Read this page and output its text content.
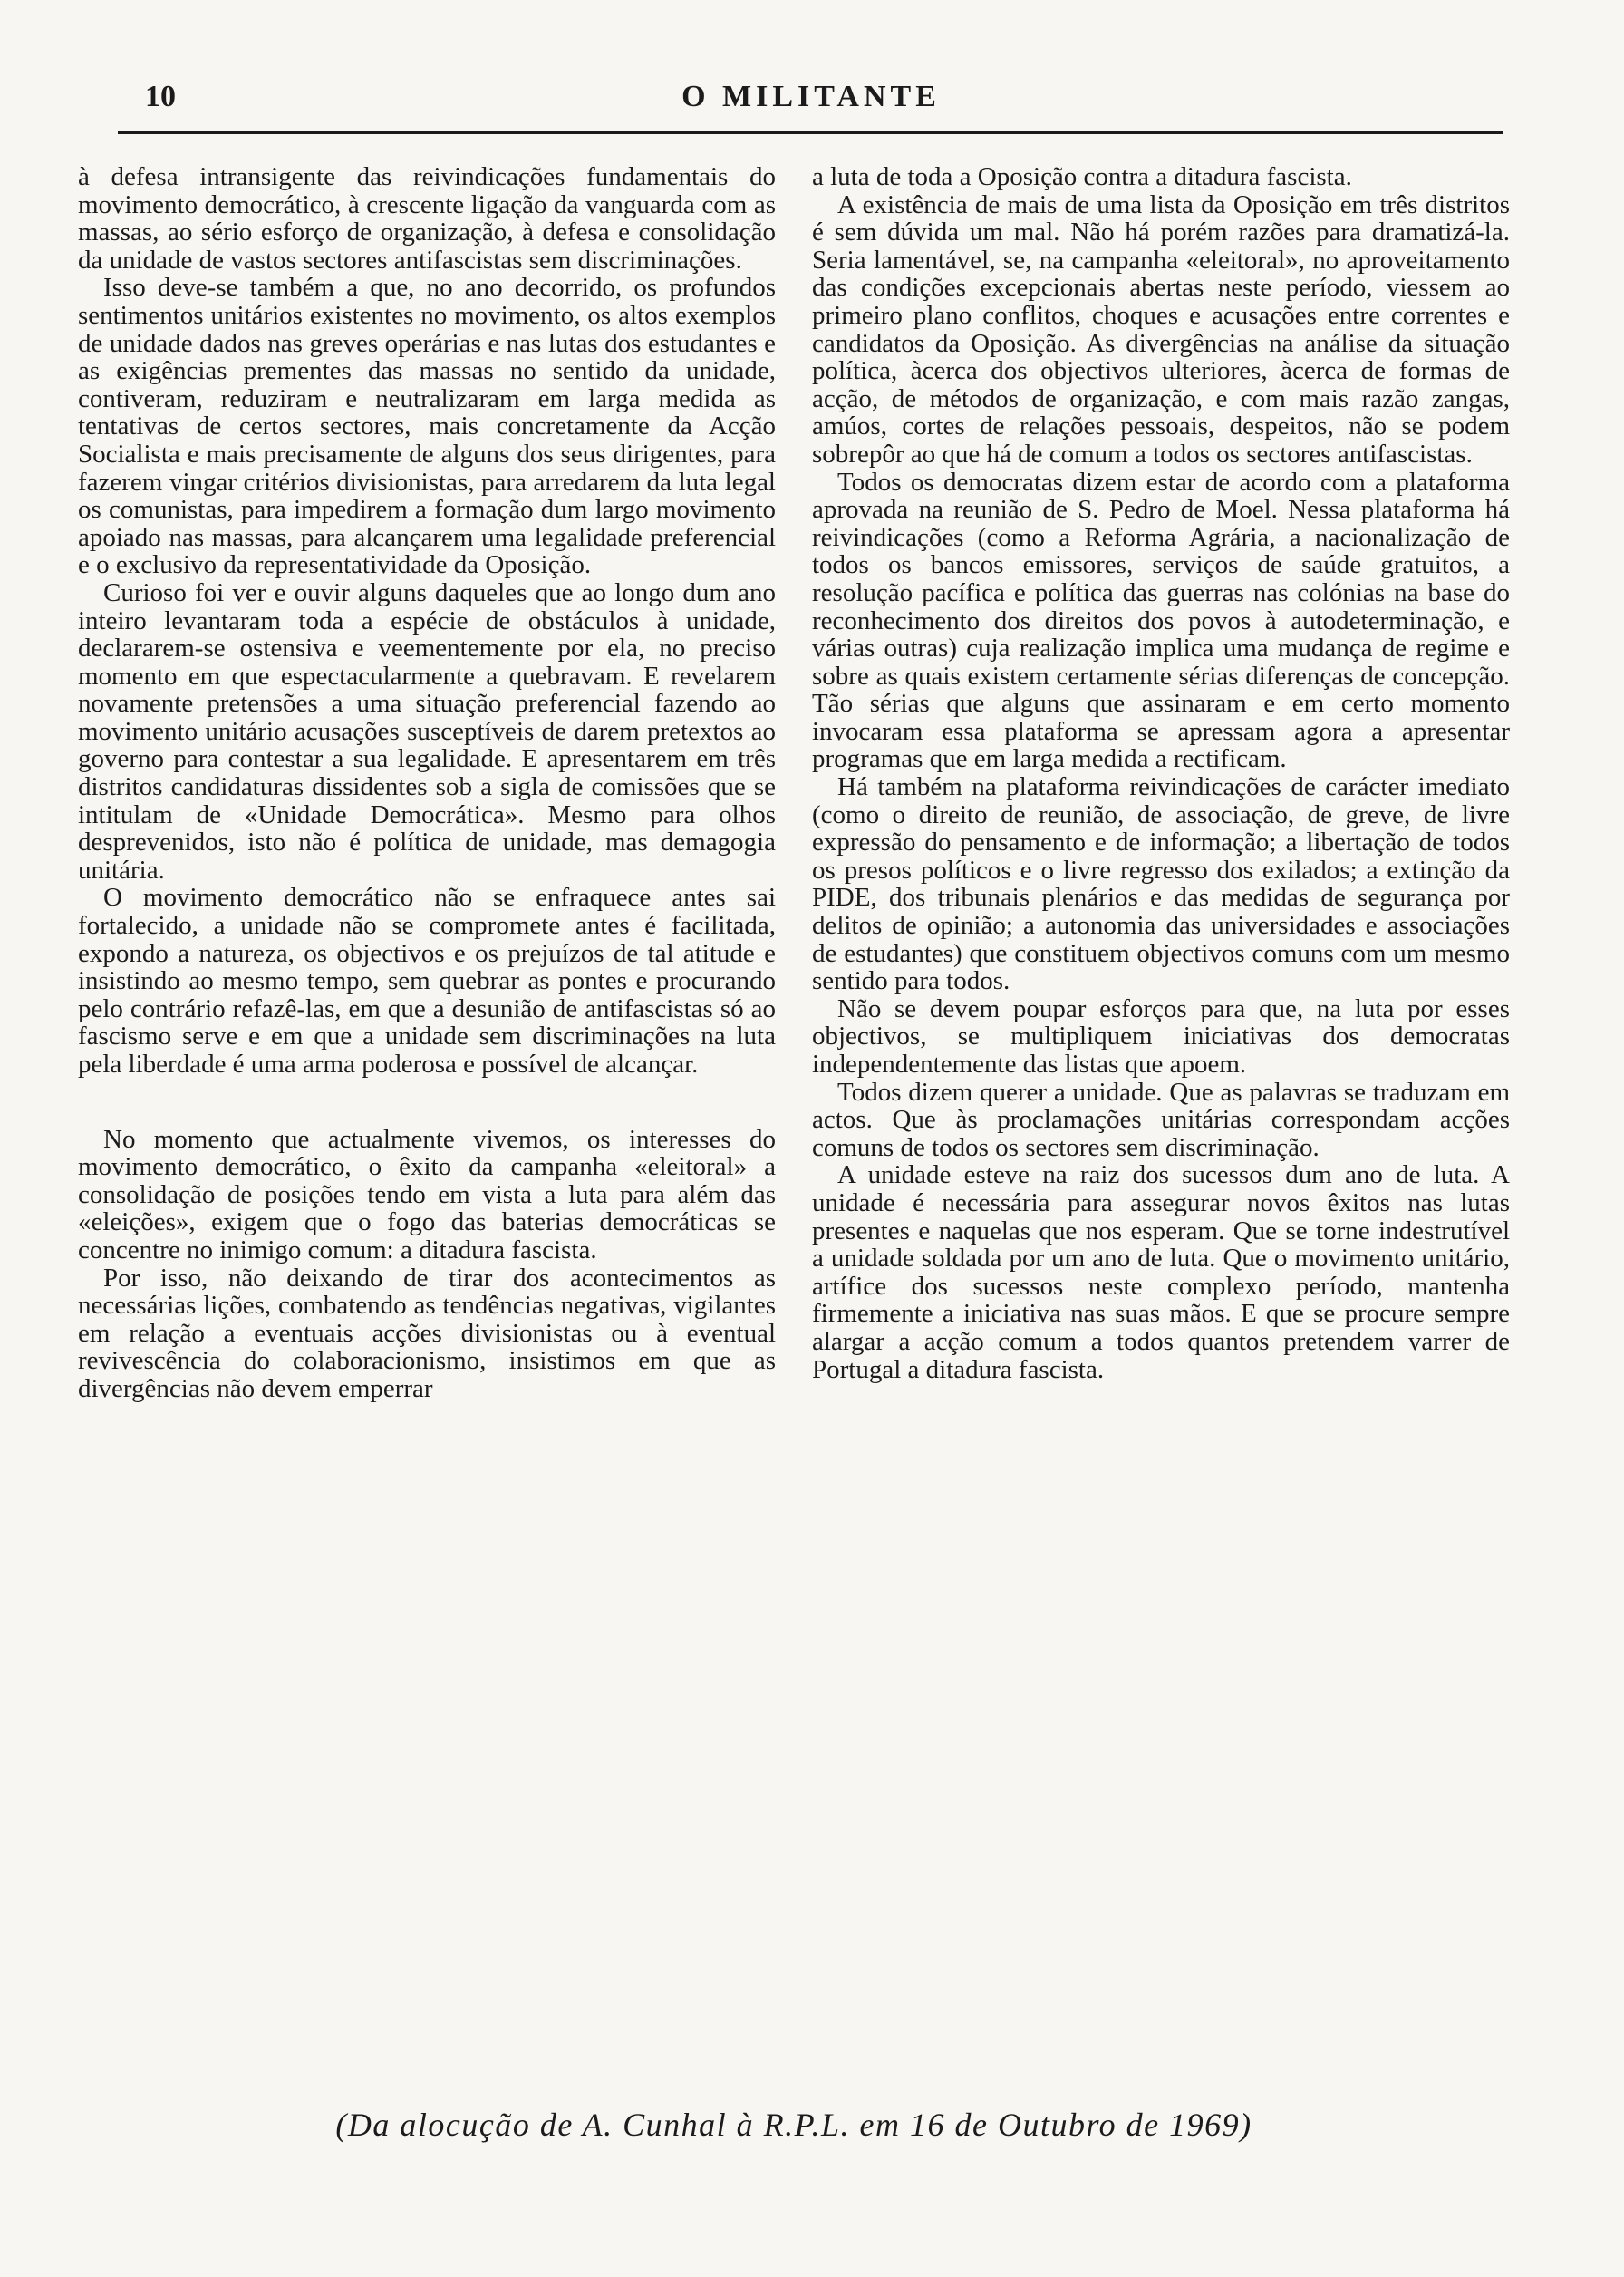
10	O MILITANTE

à defesa intransigente das reivindicações fundamentais do movimento democrático, à crescente ligação da vanguarda com as massas, ao sério esforço de organização, à defesa e consolidação da unidade de vastos sectores antifascistas sem discriminações.

Isso deve-se também a que, no ano decorrido, os profundos sentimentos unitários existentes no movimento, os altos exemplos de unidade dados nas greves operárias e nas lutas dos estudantes e as exigências prementes das massas no sentido da unidade, contiveram, reduziram e neutralizaram em larga medida as tentativas de certos sectores, mais concretamente da Acção Socialista e mais precisamente de alguns dos seus dirigentes, para fazerem vingar critérios divisionistas, para arredarem da luta legal os comunistas, para impedirem a formação dum largo movimento apoiado nas massas, para alcançarem uma legalidade preferencial e o exclusivo da representatividade da Oposição.

Curioso foi ver e ouvir alguns daqueles que ao longo dum ano inteiro levantaram toda a espécie de obstáculos à unidade, declararem-se ostensiva e veementemente por ela, no preciso momento em que espectacularmente a quebravam. E revelarem novamente pretensões a uma situação preferencial fazendo ao movimento unitário acusações susceptíveis de darem pretextos ao governo para contestar a sua legalidade. E apresentarem em três distritos candidaturas dissidentes sob a sigla de comissões que se intitulam de «Unidade Democrática». Mesmo para olhos desprevenidos, isto não é política de unidade, mas demagogia unitária.

O movimento democrático não se enfraquece antes sai fortalecido, a unidade não se compromete antes é facilitada, expondo a natureza, os objectivos e os prejuízos de tal atitude e insistindo ao mesmo tempo, sem quebrar as pontes e procurando pelo contrário refazê-las, em que a desunião de antifascistas só ao fascismo serve e em que a unidade sem discriminações na luta pela liberdade é uma arma poderosa e possível de alcançar.

No momento que actualmente vivemos, os interesses do movimento democrático, o êxito da campanha «eleitoral» a consolidação de posições tendo em vista a luta para além das «eleições», exigem que o fogo das baterias democráticas se concentre no inimigo comum: a ditadura fascista.

Por isso, não deixando de tirar dos acontecimentos as necessárias lições, combatendo as tendências negativas, vigilantes em relação a eventuais acções divisionistas ou à eventual revivescência do colaboracionismo, insistimos em que as divergências não devem emperrar

a luta de toda a Oposição contra a ditadura fascista.

A existência de mais de uma lista da Oposição em três distritos é sem dúvida um mal. Não há porém razões para dramatizá-la. Seria lamentável, se, na campanha «eleitoral», no aproveitamento das condições excepcionais abertas neste período, viessem ao primeiro plano conflitos, choques e acusações entre correntes e candidatos da Oposição. As divergências na análise da situação política, àcerca dos objectivos ulteriores, àcerca de formas de acção, de métodos de organização, e com mais razão zangas, amúos, cortes de relações pessoais, despeitos, não se podem sobrepôr ao que há de comum a todos os sectores antifascistas.

Todos os democratas dizem estar de acordo com a plataforma aprovada na reunião de S. Pedro de Moel. Nessa plataforma há reivindicações (como a Reforma Agrária, a nacionalização de todos os bancos emissores, serviços de saúde gratuitos, a resolução pacífica e política das guerras nas colónias na base do reconhecimento dos direitos dos povos à autodeterminação, e várias outras) cuja realização implica uma mudança de regime e sobre as quais existem certamente sérias diferenças de concepção. Tão sérias que alguns que assinaram e em certo momento invocaram essa plataforma se apressam agora a apresentar programas que em larga medida a rectificam.

Há também na plataforma reivindicações de carácter imediato (como o direito de reunião, de associação, de greve, de livre expressão do pensamento e de informação; a libertação de todos os presos políticos e o livre regresso dos exilados; a extinção da PIDE, dos tribunais plenários e das medidas de segurança por delitos de opinião; a autonomia das universidades e associações de estudantes) que constituem objectivos comuns com um mesmo sentido para todos.

Não se devem poupar esforços para que, na luta por esses objectivos, se multipliquem iniciativas dos democratas independentemente das listas que apoem.

Todos dizem querer a unidade. Que as palavras se traduzam em actos. Que às proclamações unitárias correspondam acções comuns de todos os sectores sem discriminação.

A unidade esteve na raiz dos sucessos dum ano de luta. A unidade é necessária para assegurar novos êxitos nas lutas presentes e naquelas que nos esperam. Que se torne indestrutível a unidade soldada por um ano de luta. Que o movimento unitário, artífice dos sucessos neste complexo período, mantenha firmemente a iniciativa nas suas mãos. E que se procure sempre alargar a acção comum a todos quantos pretendem varrer de Portugal a ditadura fascista.

(Da alocução de A. Cunhal à R.P.L. em 16 de Outubro de 1969)
